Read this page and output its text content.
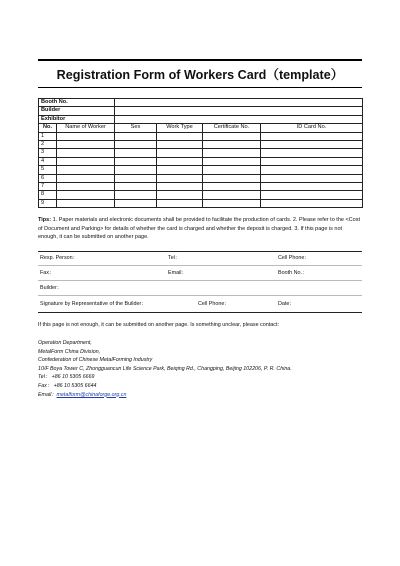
Registration Form of Workers Card（template）
Booth No.					
Builder					
Exhibitor					
No.	Name of Worker	Sex	Work Type	Certificate No.	ID Card No.
1					
2					
3					
4					
5					
6					
7					
8					
9					
Tips: 1. Paper materials and electronic documents shall be provided to facilitate the production of cards. 2. Please refer to the <Cost of Document and Parking> for details of whether the card is charged and whether the deposit is charged. 3. If this page is not enough, it can be submitted on another page.
Resp. Person：	Tel：	Cell Phone：
Fax：	Email：	Booth No.：
Builder：
Signature by Representative of the Builder：	Cell Phone：	Date：
If this page is not enough, it can be submitted on another page. Is something unclear, please contact:
Operation Department,
MetalForm China Division,
Confederation of Chinese MetalForming Industry
10/F Boya Tower C, Zhongguancun Life Science Park, Beiqing Rd., Changping, Beijing 102206, P. R. China.
Tel： +86 10 5305 6669
Fax： +86 10 5305 6644
Email：metalform@chinaforge.org.cn
